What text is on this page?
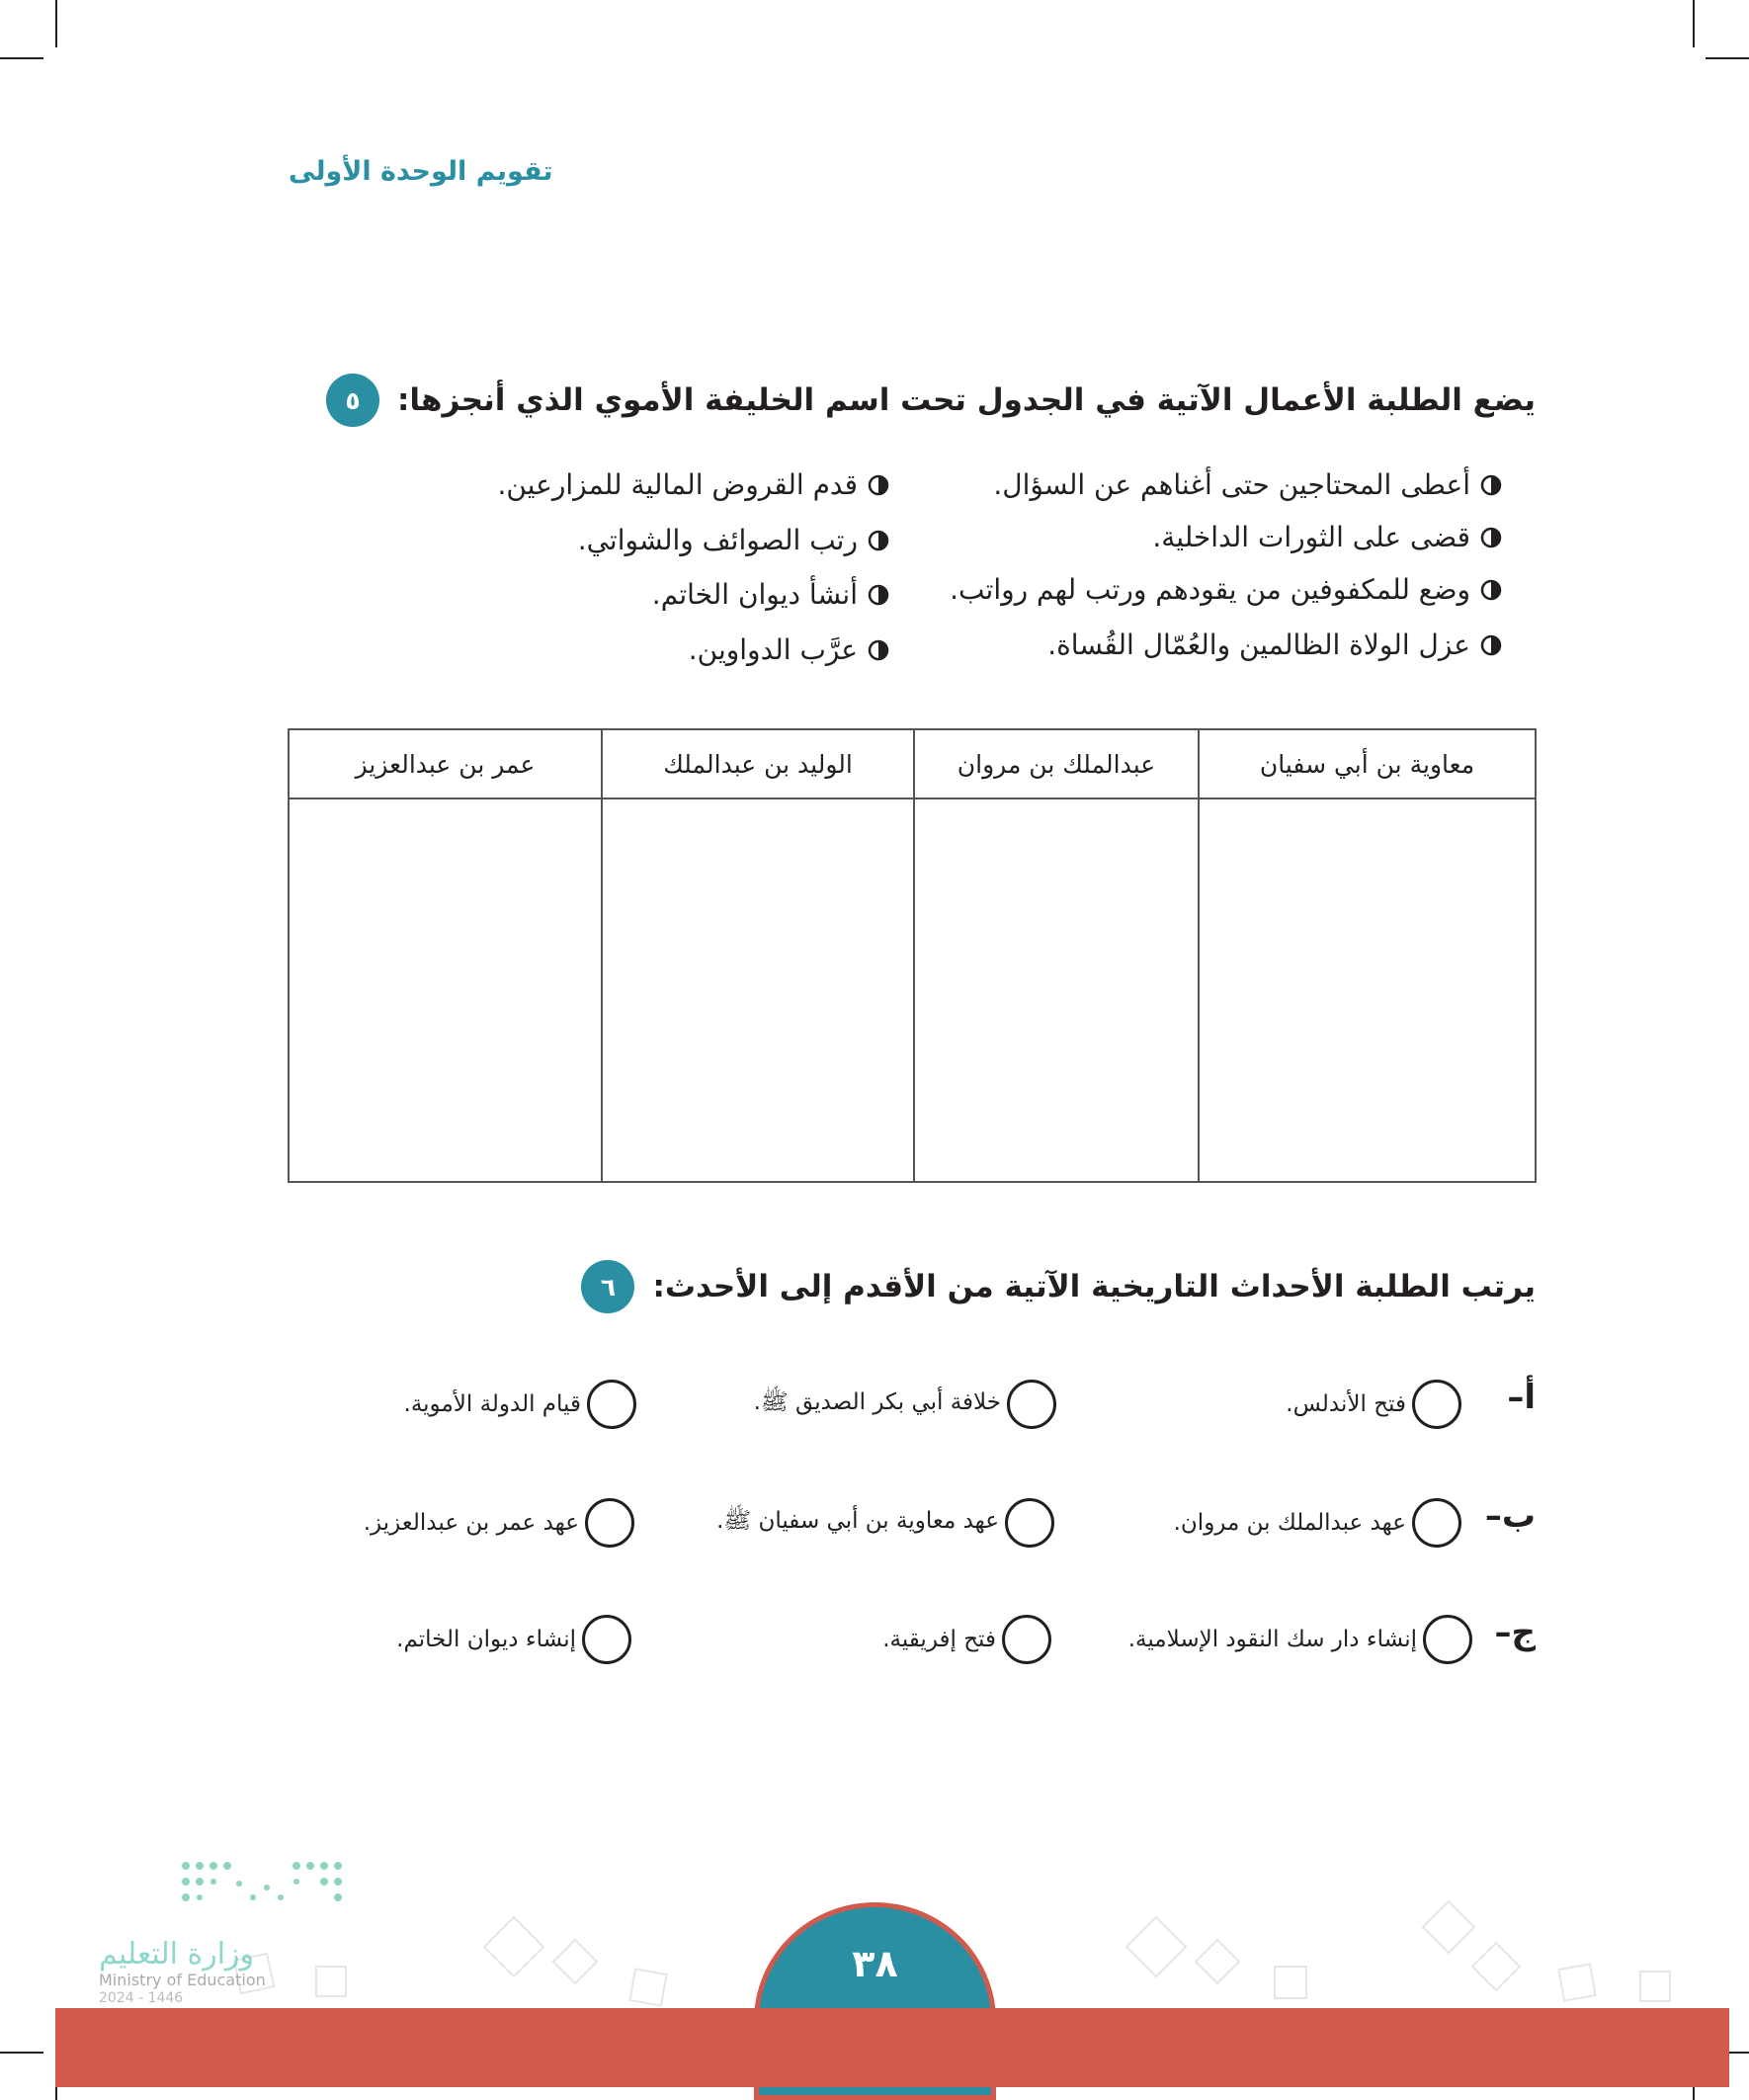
تقويم الوحدة الأولى
٥	يضع الطلبة الأعمال الآتية في الجدول تحت اسم الخليفة الأموي الذي أنجزها:
أعطى المحتاجين حتى أغناهم عن السؤال.
قضى على الثورات الداخلية.
وضع للمكفوفين من يقودهم ورتب لهم رواتب.
عزل الولاة الظالمين والعُمّال القُساة.
قدم القروض المالية للمزارعين.
رتب الصوائف والشواتي.
أنشأ ديوان الخاتم.
عرَّب الدواوين.
معاوية بن أبي سفيان	عبدالملك بن مروان	الوليد بن عبدالملك	عمر بن عبدالعزيز

٦	يرتب الطلبة الأحداث التاريخية الآتية من الأقدم إلى الأحدث:
أ–
فتح الأندلس.
خلافة أبي بكر الصديق ﷺ.
قيام الدولة الأموية.
ب–
عهد عبدالملك بن مروان.
عهد معاوية بن أبي سفيان ﷺ.
عهد عمر بن عبدالعزيز.
ج–
إنشاء دار سك النقود الإسلامية.
فتح إفريقية.
إنشاء ديوان الخاتم.
وزارة التعليم
Ministry of Education
2024 - 1446
٣٨
